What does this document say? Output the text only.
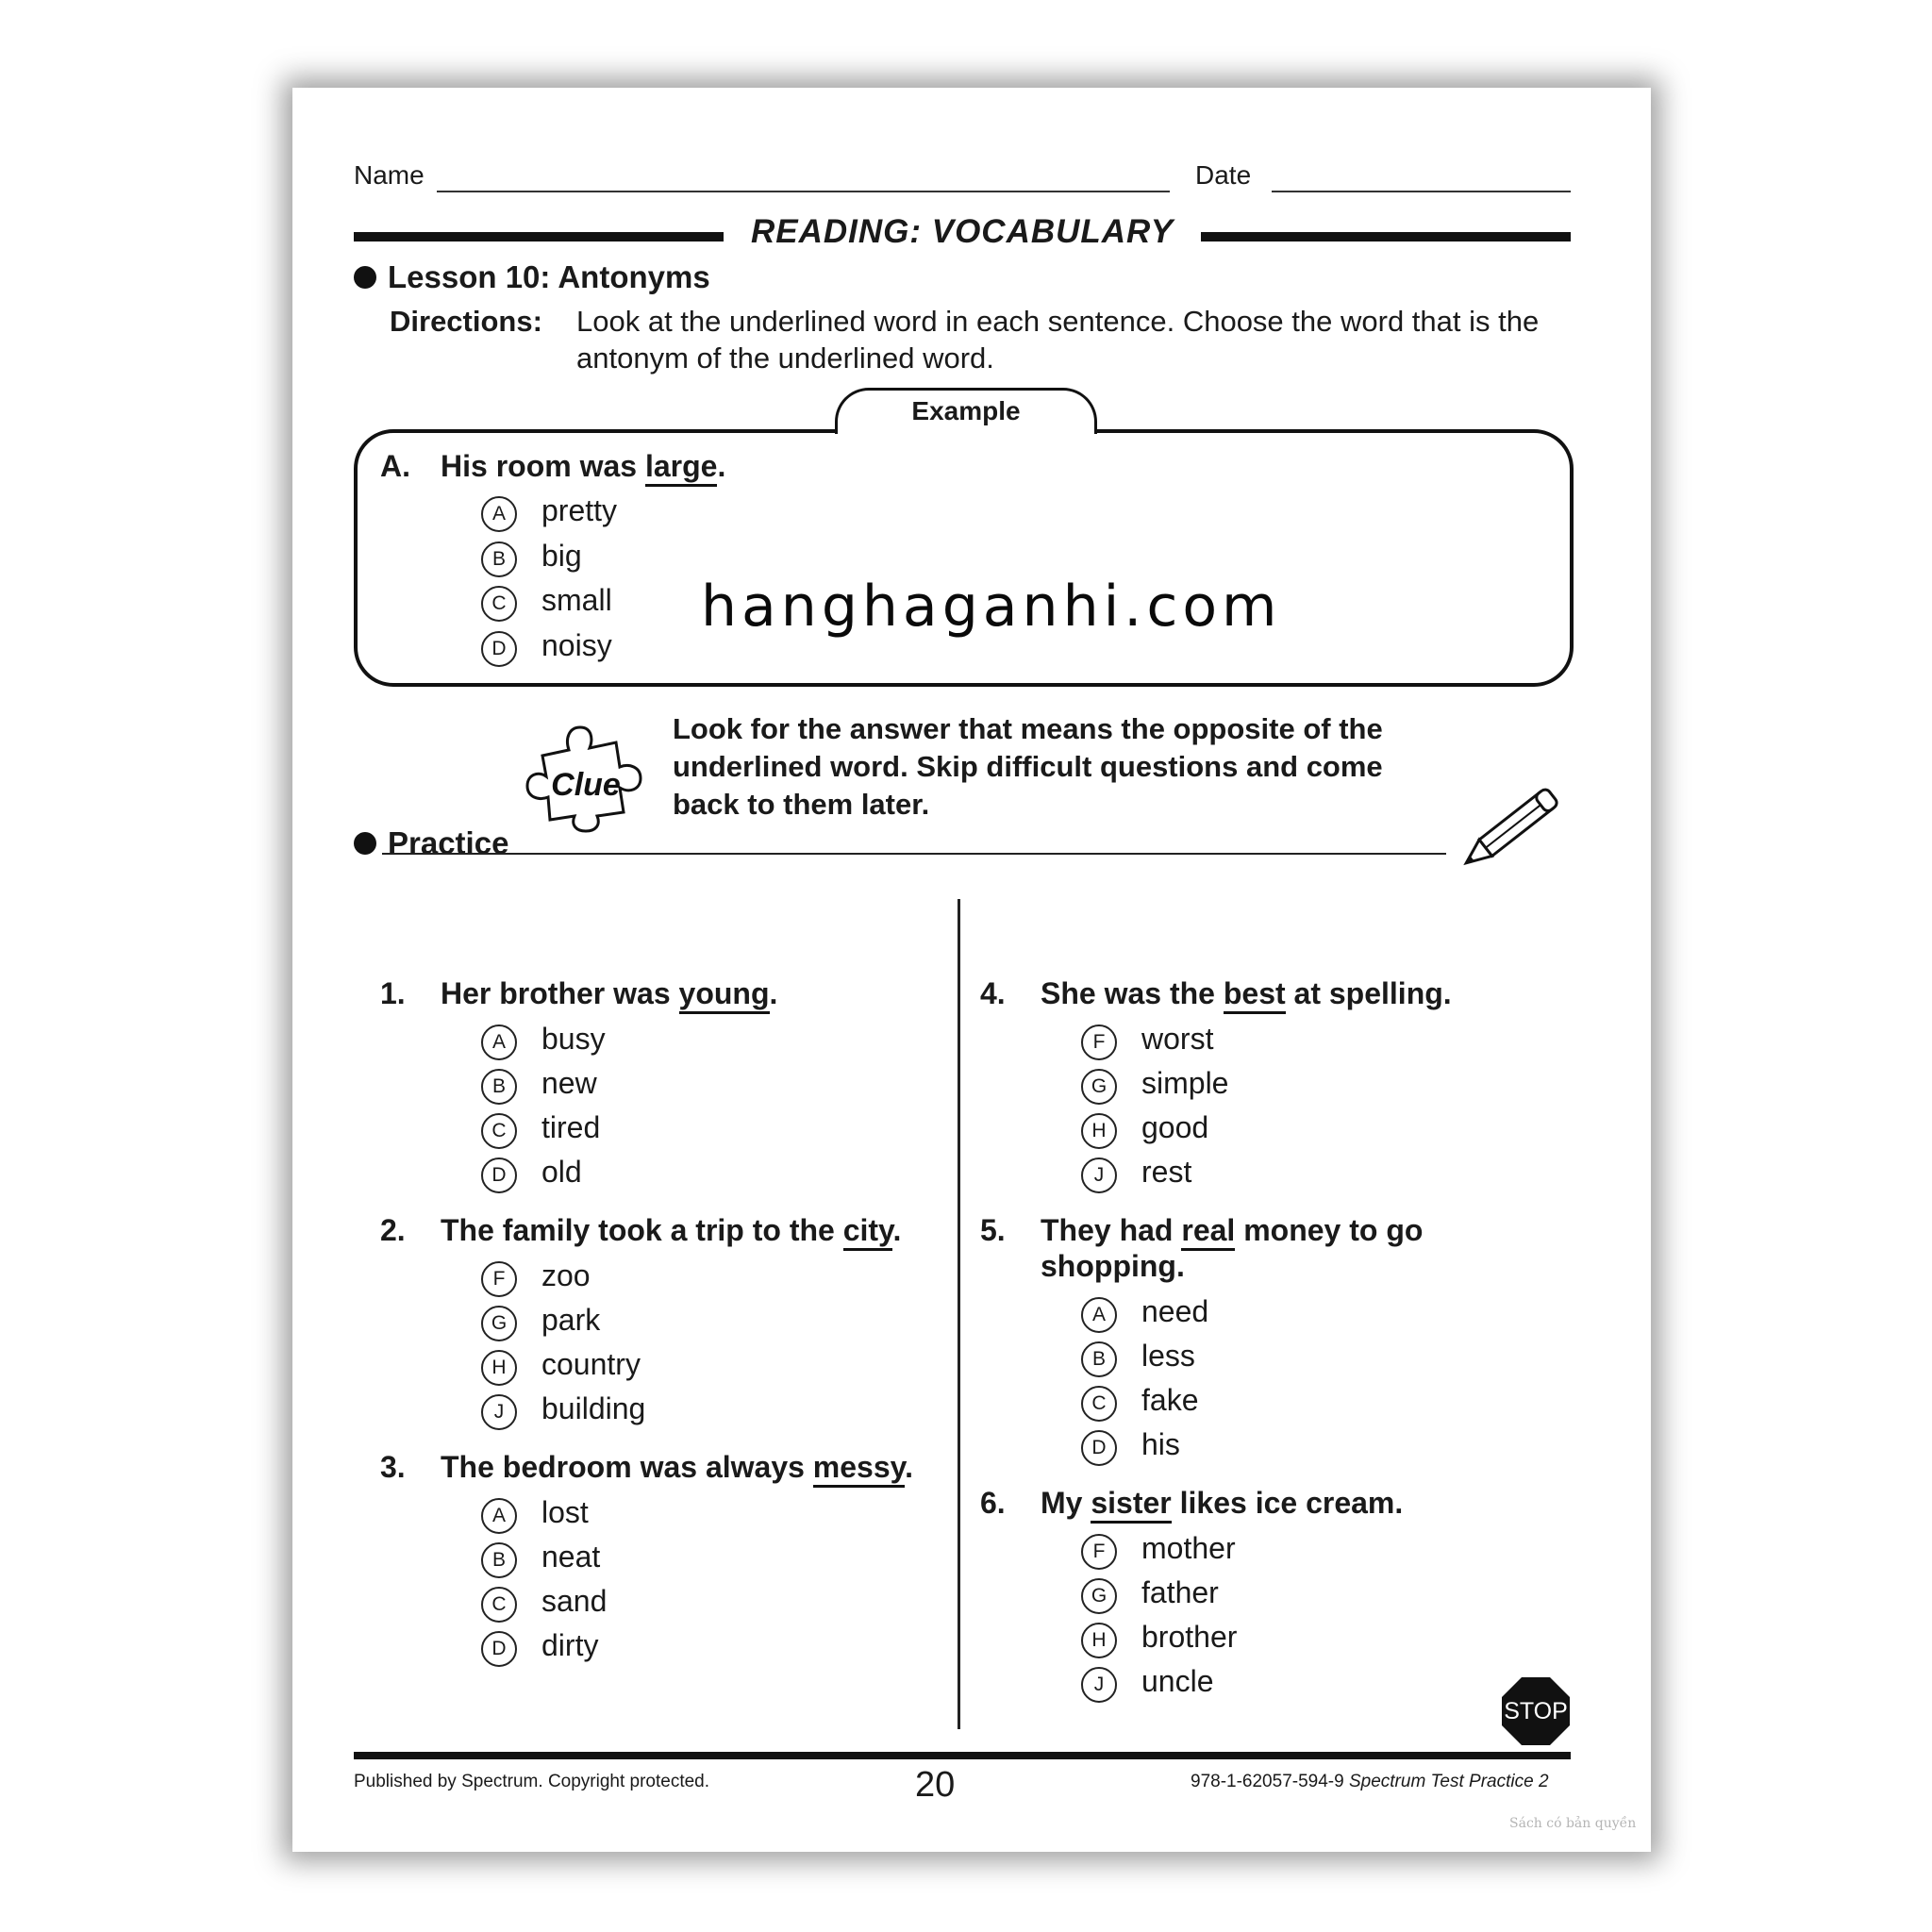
Name	Date
READING: VOCABULARY
Lesson 10: Antonyms
Directions: Look at the underlined word in each sentence. Choose the word that is the antonym of the underlined word.
Example
A. His room was large.
A	pretty
B	big
C	small
D	noisy
hanghaganhi.com
Clue
Look for the answer that means the opposite of the underlined word. Skip difficult questions and come back to them later.
Practice
1. Her brother was young.
A	busy
B	new
C	tired
D	old
2. The family took a trip to the city.
F	zoo
G	park
H	country
J	building
3. The bedroom was always messy.
A	lost
B	neat
C	sand
D	dirty
4. She was the best at spelling.
F	worst
G	simple
H	good
J	rest
5. They had real money to go
shopping.
A	need
B	less
C	fake
D	his
6. My sister likes ice cream.
F	mother
G	father
H	brother
J	uncle
STOP
Published by Spectrum. Copyright protected.	20	978-1-62057-594-9 Spectrum Test Practice 2
Sách có bản quyền
